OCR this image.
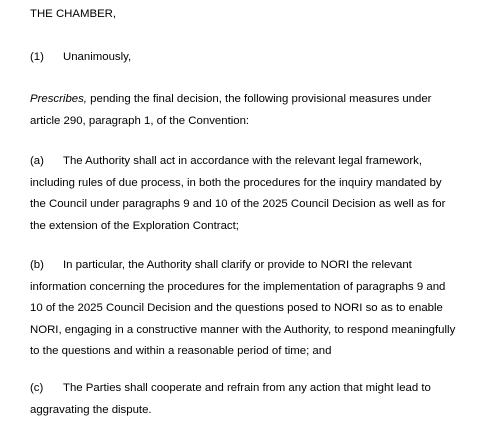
THE CHAMBER,

(1) Unanimously,

Prescribes, pending the final decision, the following provisional measures under
article 290, paragraph 1, of the Convention:

(a) The Authority shall act in accordance with the relevant legal framework,
including rules of due process, in both the procedures for the inquiry mandated by
the Council under paragraphs 9 and 10 of the 2025 Council Decision as well as for
the extension of the Exploration Contract;

(b) In particular, the Authority shall clarify or provide to NORI the relevant
information concerning the procedures for the implementation of paragraphs 9 and
10 of the 2025 Council Decision and the questions posed to NORI so as to enable
NORI, engaging in a constructive manner with the Authority, to respond meaningfully
to the questions and within a reasonable period of time; and

(c) The Parties shall cooperate and refrain from any action that might lead to
aggravating the dispute.
